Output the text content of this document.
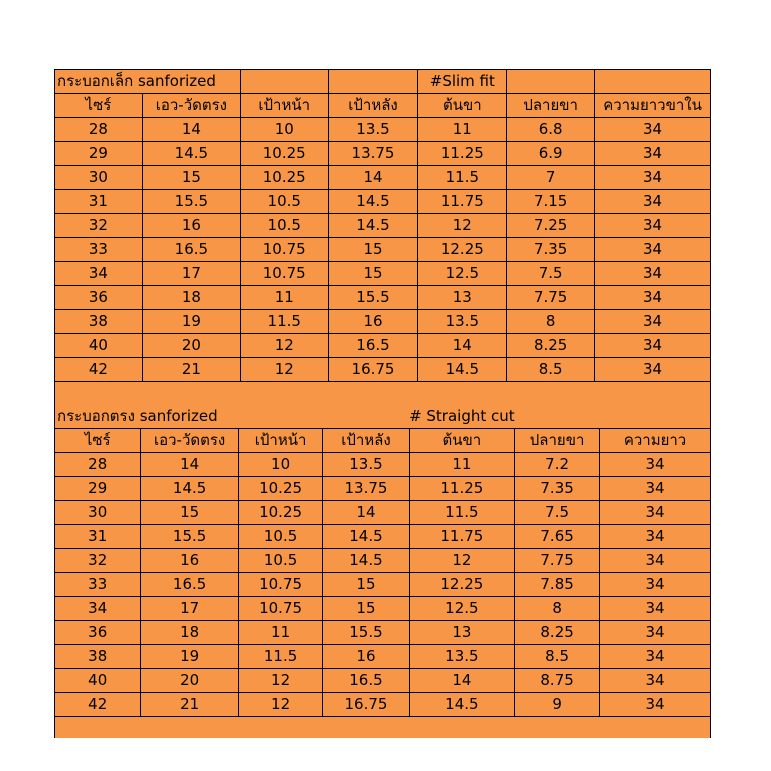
กระบอกเล็ก sanforized				#Slim fit		
ไซร์	เอว-วัดตรง	เป้าหน้า	เป้าหลัง	ต้นขา	ปลายขา	ความยาวขาใน
28	14	10	13.5	11	6.8	34
29	14.5	10.25	13.75	11.25	6.9	34
30	15	10.25	14	11.5	7	34
31	15.5	10.5	14.5	11.75	7.15	34
32	16	10.5	14.5	12	7.25	34
33	16.5	10.75	15	12.25	7.35	34
34	17	10.75	15	12.5	7.5	34
36	18	11	15.5	13	7.75	34
38	19	11.5	16	13.5	8	34
40	20	12	16.5	14	8.25	34
42	21	12	16.75	14.5	8.5	34
กระบอกตรง sanforized				# Straight cut		
ไซร์	เอว-วัดตรง	เป้าหน้า	เป้าหลัง	ต้นขา	ปลายขา	ความยาว
28	14	10	13.5	11	7.2	34
29	14.5	10.25	13.75	11.25	7.35	34
30	15	10.25	14	11.5	7.5	34
31	15.5	10.5	14.5	11.75	7.65	34
32	16	10.5	14.5	12	7.75	34
33	16.5	10.75	15	12.25	7.85	34
34	17	10.75	15	12.5	8	34
36	18	11	15.5	13	8.25	34
38	19	11.5	16	13.5	8.5	34
40	20	12	16.5	14	8.75	34
42	21	12	16.75	14.5	9	34
